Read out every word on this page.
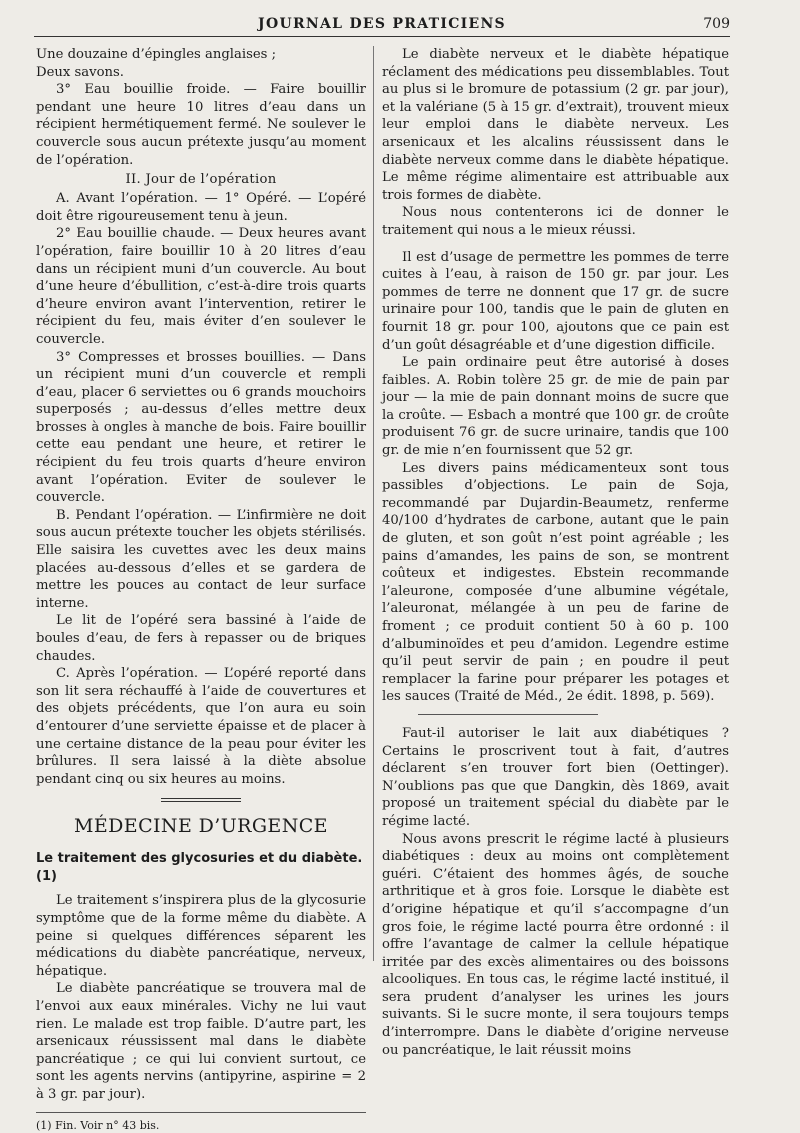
JOURNAL DES PRATICIENS	709

Une douzaine d’épingles anglaises ;

Deux savons.

3° Eau bouillie froide. — Faire bouillir pendant une heure 10 litres d’eau dans un récipient hermétiquement fermé. Ne soulever le couvercle sous aucun prétexte jusqu’au moment de l’opération.

II. Jour de l’opération

A. Avant l’opération. — 1° Opéré. — L’opéré doit être rigoureusement tenu à jeun.

2° Eau bouillie chaude. — Deux heures avant l’opération, faire bouillir 10 à 20 litres d’eau dans un récipient muni d’un couvercle. Au bout d’une heure d’ébullition, c’est-à-dire trois quarts d’heure environ avant l’intervention, retirer le récipient du feu, mais éviter d’en soulever le couvercle.

3° Compresses et brosses bouillies. — Dans un récipient muni d’un couvercle et rempli d’eau, placer 6 serviettes ou 6 grands mouchoirs superposés ; au-dessus d’elles mettre deux brosses à ongles à manche de bois. Faire bouillir cette eau pendant une heure, et retirer le récipient du feu trois quarts d’heure environ avant l’opération. Eviter de soulever le couvercle.

B. Pendant l’opération. — L’infirmière ne doit sous aucun prétexte toucher les objets stérilisés. Elle saisira les cuvettes avec les deux mains placées au-dessous d’elles et se gardera de mettre les pouces au contact de leur surface interne.

Le lit de l’opéré sera bassiné à l’aide de boules d’eau, de fers à repasser ou de briques chaudes.

C. Après l’opération. — L’opéré reporté dans son lit sera réchauffé à l’aide de couvertures et des objets précédents, que l’on aura eu soin d’entourer d’une serviette épaisse et de placer à une certaine distance de la peau pour éviter les brûlures. Il sera laissé à la diète absolue pendant cinq ou six heures au moins.

MÉDECINE D’URGENCE
Le traitement des glycosuries et du diabète. (1)

Le traitement s’inspirera plus de la glycosurie symptôme que de la forme même du diabète. A peine si quelques différences séparent les médications du diabète pancréatique, nerveux, hépatique.

Le diabète pancréatique se trouvera mal de l’envoi aux eaux minérales. Vichy ne lui vaut rien. Le malade est trop faible. D’autre part, les arsenicaux réussissent mal dans le diabète pancréatique ; ce qui lui convient surtout, ce sont les agents nervins (antipyrine, aspirine = 2 à 3 gr. par jour).

(1) Fin. Voir n° 43 bis.

Le diabète nerveux et le diabète hépatique réclament des médications peu dissemblables. Tout au plus si le bromure de potassium (2 gr. par jour), et la valériane (5 à 15 gr. d’extrait), trouvent mieux leur emploi dans le diabète nerveux. Les arsenicaux et les alcalins réussissent dans le diabète nerveux comme dans le diabète hépatique. Le même régime alimentaire est attribuable aux trois formes de diabète.

Nous nous contenterons ici de donner le traitement qui nous a le mieux réussi.

Il est d’usage de permettre les pommes de terre cuites à l’eau, à raison de 150 gr. par jour. Les pommes de terre ne donnent que 17 gr. de sucre urinaire pour 100, tandis que le pain de gluten en fournit 18 gr. pour 100, ajoutons que ce pain est d’un goût désagréable et d’une digestion difficile.

Le pain ordinaire peut être autorisé à doses faibles. A. Robin tolère 25 gr. de mie de pain par jour — la mie de pain donnant moins de sucre que la croûte. — Esbach a montré que 100 gr. de croûte produisent 76 gr. de sucre urinaire, tandis que 100 gr. de mie n’en fournissent que 52 gr.

Les divers pains médicamenteux sont tous passibles d’objections. Le pain de Soja, recommandé par Dujardin-Beaumetz, renferme 40/100 d’hydrates de carbone, autant que le pain de gluten, et son goût n’est point agréable ; les pains d’amandes, les pains de son, se montrent coûteux et indigestes. Ebstein recommande l’aleurone, composée d’une albumine végétale, l’aleuronat, mélangée à un peu de farine de froment ; ce produit contient 50 à 60 p. 100 d’albuminoïdes et peu d’amidon. Legendre estime qu’il peut servir de pain ; en poudre il peut remplacer la farine pour préparer les potages et les sauces (Traité de Méd., 2e édit. 1898, p. 569).

Faut-il autoriser le lait aux diabétiques ? Certains le proscrivent tout à fait, d’autres déclarent s’en trouver fort bien (Oettinger). N’oublions pas que que Dangkin, dès 1869, avait proposé un traitement spécial du diabète par le régime lacté.

Nous avons prescrit le régime lacté à plusieurs diabétiques : deux au moins ont complètement guéri. C’étaient des hommes âgés, de souche arthritique et à gros foie. Lorsque le diabète est d’origine hépatique et qu’il s’accompagne d’un gros foie, le régime lacté pourra être ordonné : il offre l’avantage de calmer la cellule hépatique irritée par des excès alimentaires ou des boissons alcooliques. En tous cas, le régime lacté institué, il sera prudent d’analyser les urines les jours suivants. Si le sucre monte, il sera toujours temps d’interrompre. Dans le diabète d’origine nerveuse ou pancréatique, le lait réussit moins
